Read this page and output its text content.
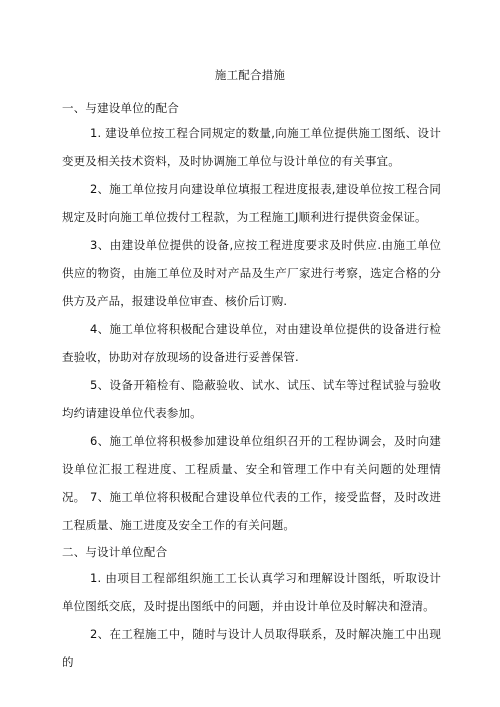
施工配合措施
一、与建设单位的配合
1. 建设单位按工程合同规定的数量,向施工单位提供施工图纸、设计变更及相关技术资料，及时协调施工单位与设计单位的有关事宜。
2、施工单位按月向建设单位填报工程进度报表,建设单位按工程合同规定及时向施工单位拨付工程款，为工程施工J顺利进行提供资金保证。
3、由建设单位提供的设备,应按工程进度要求及时供应.由施工单位供应的物资，由施工单位及时对产品及生产厂家进行考察，选定合格的分供方及产品，报建设单位审查、核价后订购.
4、施工单位将积极配合建设单位，对由建设单位提供的设备进行检查验收，协助对存放现场的设备进行妥善保管.
5、设备开箱检有、隐蔽验收、试水、试压、试车等过程试验与验收均约请建设单位代表参加。
6、施工单位将积极参加建设单位组织召开的工程协调会，及时向建设单位汇报工程进度、工程质量、安全和管理工作中有关问题的处理情况。 7、施工单位将积极配合建设单位代表的工作，接受监督，及时改进工程质量、施工进度及安全工作的有关问题。
二、与设计单位配合
1. 由项目工程部组织施工工长认真学习和理解设计图纸，听取设计单位图纸交底，及时提出图纸中的问题，并由设计单位及时解决和澄清。
2、在工程施工中，随时与设计人员取得联系，及时解决施工中出现的
